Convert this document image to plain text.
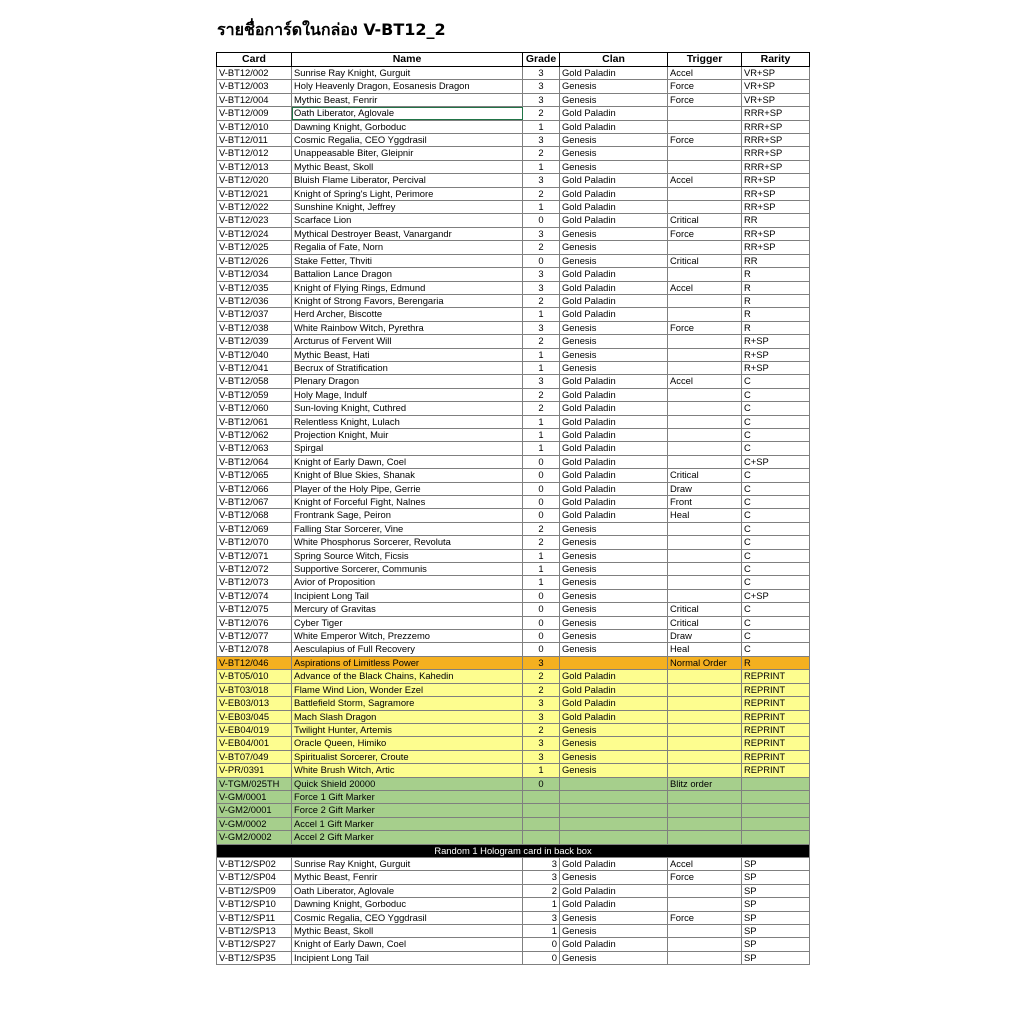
รายชื่อการ์ดในกล่อง V-BT12_2
Card	Name	Grade	Clan	Trigger	Rarity
V-BT12/002	Sunrise Ray Knight, Gurguit	3	Gold Paladin	Accel	VR+SP
V-BT12/003	Holy Heavenly Dragon, Eosanesis Dragon	3	Genesis	Force	VR+SP
V-BT12/004	Mythic Beast, Fenrir	3	Genesis	Force	VR+SP
V-BT12/009	Oath Liberator, Aglovale	2	Gold Paladin		RRR+SP
V-BT12/010	Dawning Knight, Gorboduc	1	Gold Paladin		RRR+SP
V-BT12/011	Cosmic Regalia, CEO Yggdrasil	3	Genesis	Force	RRR+SP
V-BT12/012	Unappeasable Biter, Gleipnir	2	Genesis		RRR+SP
V-BT12/013	Mythic Beast, Skoll	1	Genesis		RRR+SP
V-BT12/020	Bluish Flame Liberator, Percival	3	Gold Paladin	Accel	RR+SP
V-BT12/021	Knight of Spring's Light, Perimore	2	Gold Paladin		RR+SP
V-BT12/022	Sunshine Knight, Jeffrey	1	Gold Paladin		RR+SP
V-BT12/023	Scarface Lion	0	Gold Paladin	Critical	RR
V-BT12/024	Mythical Destroyer Beast, Vanargandr	3	Genesis	Force	RR+SP
V-BT12/025	Regalia of Fate, Norn	2	Genesis		RR+SP
V-BT12/026	Stake Fetter, Thviti	0	Genesis	Critical	RR
V-BT12/034	Battalion Lance Dragon	3	Gold Paladin		R
V-BT12/035	Knight of Flying Rings, Edmund	3	Gold Paladin	Accel	R
V-BT12/036	Knight of Strong Favors, Berengaria	2	Gold Paladin		R
V-BT12/037	Herd Archer, Biscotte	1	Gold Paladin		R
V-BT12/038	White Rainbow Witch, Pyrethra	3	Genesis	Force	R
V-BT12/039	Arcturus of Fervent Will	2	Genesis		R+SP
V-BT12/040	Mythic Beast, Hati	1	Genesis		R+SP
V-BT12/041	Becrux of Stratification	1	Genesis		R+SP
V-BT12/058	Plenary Dragon	3	Gold Paladin	Accel	C
V-BT12/059	Holy Mage, Indulf	2	Gold Paladin		C
V-BT12/060	Sun-loving Knight, Cuthred	2	Gold Paladin		C
V-BT12/061	Relentless Knight, Lulach	1	Gold Paladin		C
V-BT12/062	Projection Knight, Muir	1	Gold Paladin		C
V-BT12/063	Spirgal	1	Gold Paladin		C
V-BT12/064	Knight of Early Dawn, Coel	0	Gold Paladin		C+SP
V-BT12/065	Knight of Blue Skies, Shanak	0	Gold Paladin	Critical	C
V-BT12/066	Player of the Holy Pipe, Gerrie	0	Gold Paladin	Draw	C
V-BT12/067	Knight of Forceful Fight, Nalnes	0	Gold Paladin	Front	C
V-BT12/068	Frontrank Sage, Peiron	0	Gold Paladin	Heal	C
V-BT12/069	Falling Star Sorcerer, Vine	2	Genesis		C
V-BT12/070	White Phosphorus Sorcerer, Revoluta	2	Genesis		C
V-BT12/071	Spring Source Witch, Ficsis	1	Genesis		C
V-BT12/072	Supportive Sorcerer, Communis	1	Genesis		C
V-BT12/073	Avior of Proposition	1	Genesis		C
V-BT12/074	Incipient Long Tail	0	Genesis		C+SP
V-BT12/075	Mercury of Gravitas	0	Genesis	Critical	C
V-BT12/076	Cyber Tiger	0	Genesis	Critical	C
V-BT12/077	White Emperor Witch, Prezzemo	0	Genesis	Draw	C
V-BT12/078	Aesculapius of Full Recovery	0	Genesis	Heal	C
V-BT12/046	Aspirations of Limitless Power	3		Normal Order	R
V-BT05/010	Advance of the Black Chains, Kahedin	2	Gold Paladin		REPRINT
V-BT03/018	Flame Wind Lion, Wonder Ezel	2	Gold Paladin		REPRINT
V-EB03/013	Battlefield Storm, Sagramore	3	Gold Paladin		REPRINT
V-EB03/045	Mach Slash Dragon	3	Gold Paladin		REPRINT
V-EB04/019	Twilight Hunter, Artemis	2	Genesis		REPRINT
V-EB04/001	Oracle Queen, Himiko	3	Genesis		REPRINT
V-BT07/049	Spiritualist Sorcerer, Croute	3	Genesis		REPRINT
V-PR/0391	White Brush Witch, Artic	1	Genesis		REPRINT
V-TGM/025TH	Quick Shield 20000	0		Blitz order	
V-GM/0001	Force 1 Gift Marker				
V-GM2/0001	Force 2 Gift Marker				
V-GM/0002	Accel 1 Gift Marker				
V-GM2/0002	Accel 2 Gift Marker				
Random 1 Hologram card in back box					
V-BT12/SP02	Sunrise Ray Knight, Gurguit	3	Gold Paladin	Accel	SP
V-BT12/SP04	Mythic Beast, Fenrir	3	Genesis	Force	SP
V-BT12/SP09	Oath Liberator, Aglovale	2	Gold Paladin		SP
V-BT12/SP10	Dawning Knight, Gorboduc	1	Gold Paladin		SP
V-BT12/SP11	Cosmic Regalia, CEO Yggdrasil	3	Genesis	Force	SP
V-BT12/SP13	Mythic Beast, Skoll	1	Genesis		SP
V-BT12/SP27	Knight of Early Dawn, Coel	0	Gold Paladin		SP
V-BT12/SP35	Incipient Long Tail	0	Genesis		SP
